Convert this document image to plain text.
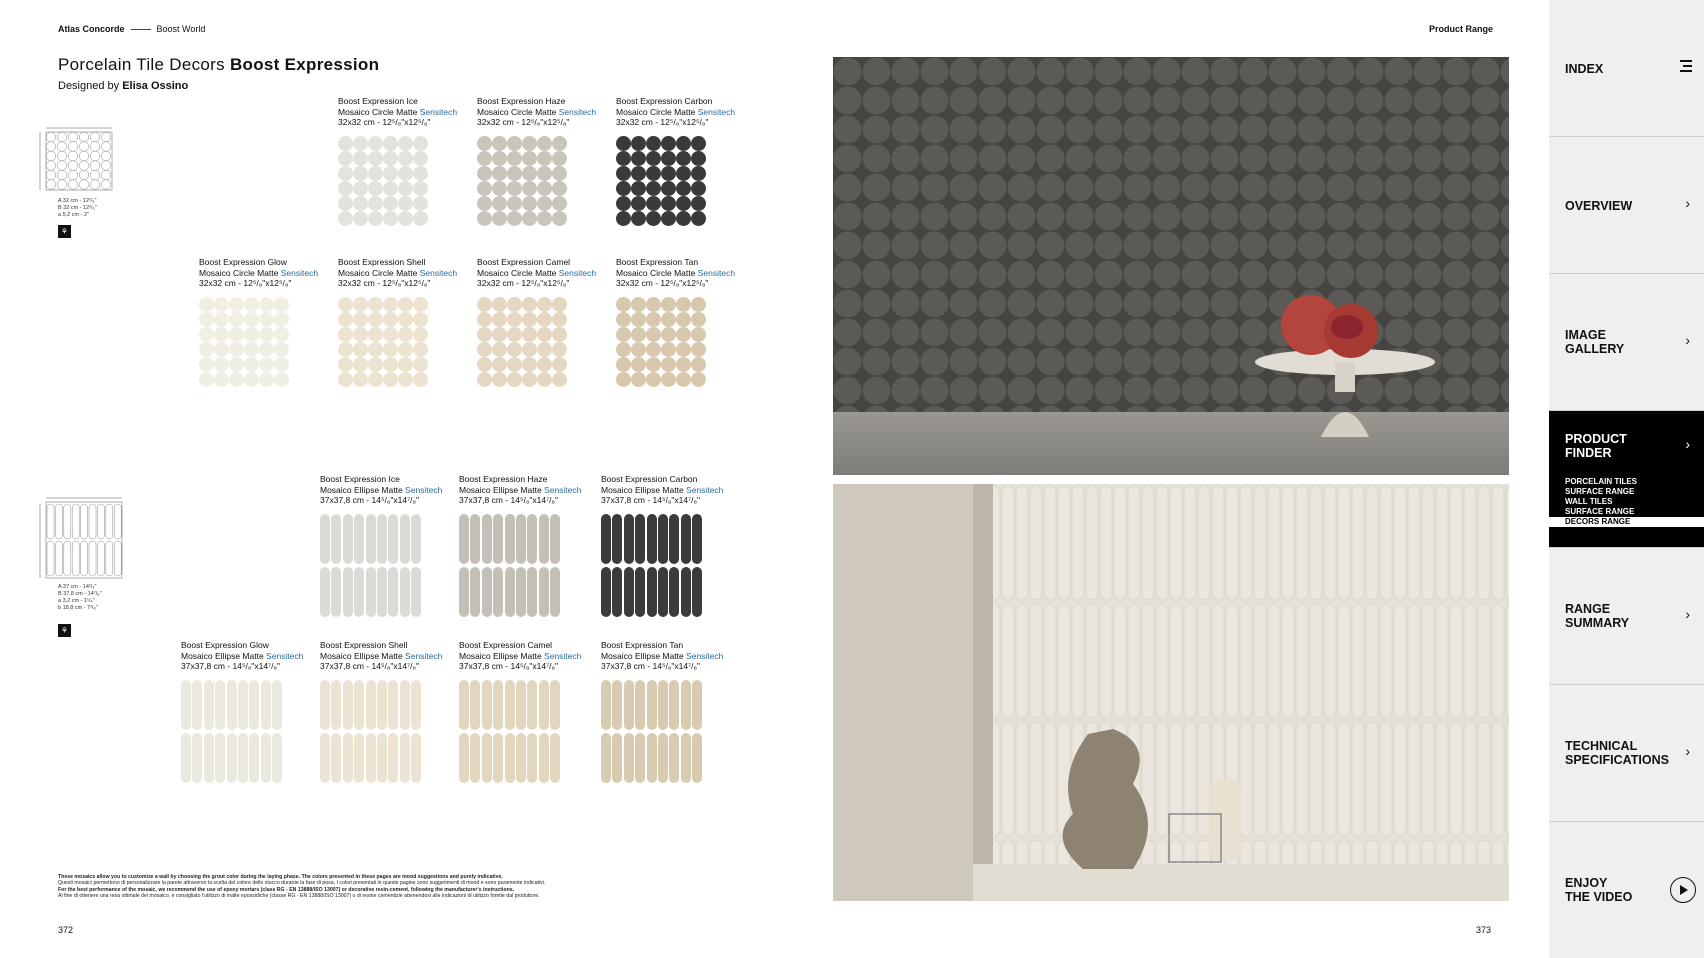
Atlas Concorde	Boost World	Product Range
Porcelain Tile Decors Boost Expression
Designed by Elisa Ossino
A 32 cm - 12²/₃"
B 32 cm - 12²/₃"
a 5,2 cm - 2"
⚘
A 37 cm - 14²/₃"
B 37,8 cm - 14⁷/₈"
a 3,2 cm - 1¹/₄"
b 18,8 cm - 7³/₈"
⚘
Boost Expression Ice
Mosaico Circle Matte Sensitech
32x32 cm - 12⁵/₈"x12⁵/₈"
Boost Expression Haze
Mosaico Circle Matte Sensitech
32x32 cm - 12⁵/₈"x12⁵/₈"
Boost Expression Carbon
Mosaico Circle Matte Sensitech
32x32 cm - 12⁵/₈"x12⁵/₈"
Boost Expression Glow
Mosaico Circle Matte Sensitech
32x32 cm - 12⁵/₈"x12⁵/₈"
Boost Expression Shell
Mosaico Circle Matte Sensitech
32x32 cm - 12⁵/₈"x12⁵/₈"
Boost Expression Camel
Mosaico Circle Matte Sensitech
32x32 cm - 12⁵/₈"x12⁵/₈"
Boost Expression Tan
Mosaico Circle Matte Sensitech
32x32 cm - 12⁵/₈"x12⁵/₈"
Boost Expression Ice
Mosaico Ellipse Matte Sensitech
37x37,8 cm - 14⁵/₈"x14⁷/₈"
Boost Expression Haze
Mosaico Ellipse Matte Sensitech
37x37,8 cm - 14⁵/₈"x14⁷/₈"
Boost Expression Carbon
Mosaico Ellipse Matte Sensitech
37x37,8 cm - 14⁵/₈"x14⁷/₈"
Boost Expression Glow
Mosaico Ellipse Matte Sensitech
37x37,8 cm - 14⁵/₈"x14⁷/₈"
Boost Expression Shell
Mosaico Ellipse Matte Sensitech
37x37,8 cm - 14⁵/₈"x14⁷/₈"
Boost Expression Camel
Mosaico Ellipse Matte Sensitech
37x37,8 cm - 14⁵/₈"x14⁷/₈"
Boost Expression Tan
Mosaico Ellipse Matte Sensitech
37x37,8 cm - 14⁵/₈"x14⁷/₈"
These mosaics allow you to customize a wall by choosing the grout color during the laying phase. The colors presented in these pages are mood suggestions and purely indicative.
Questi mosaici permettono di personalizzare la parete attraverso la scelta del colore dello stucco durante la fase di posa. I colori presentati in queste pagine sono suggerimenti di mood e sono puramente indicativi.
For the best performance of the mosaic, we recommend the use of epoxy mortars (class RG - EN 13888/ISO 13007) or decorative resin-cement, following the manufacturer's instructions.
Al fine di ottenere una resa ottimale del mosaico, è consigliato l'utilizzo di malte epossidiche (classe RG - EN 13888/ISO 13007) o di resine cementizie attenendosi alle indicazioni di utilizzo fornite dal produttore.
372	373
INDEX
OVERVIEW	›
IMAGE
GALLERY
›
PRODUCT
FINDER
›
PORCELAIN TILES
SURFACE RANGE
WALL TILES
SURFACE RANGE
DECORS RANGE
RANGE
SUMMARY
›
TECHNICAL
SPECIFICATIONS
›
ENJOY
THE VIDEO
